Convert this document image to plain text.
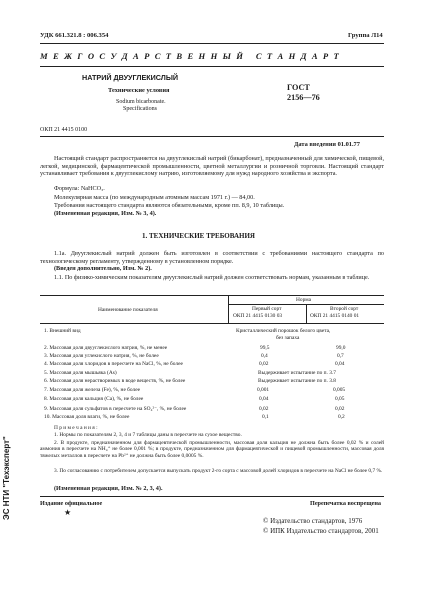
УДК 661.321.8 : 006.354	Группа Л14
М Е Ж Г О С У Д А Р С Т В Е Н Н Ы Й   С Т А Н Д А Р Т
НАТРИЙ ДВУУГЛЕКИСЛЫЙ
Технические условия
Sodium bicarbonate.
Specifications
ГОСТ
2156—76
ОКП 21 4415 0100
Дата введения 01.01.77
Настоящий стандарт распространяется на двууглекислый натрий (бикарбонат), предназначенный для химической, пищевой, легкой, медицинской, фармацевтической промышленности, цветной металлургии и розничной торговли. Настоящий стандарт устанавливает требования к двууглекислому натрию, изготовляемому для нужд народного хозяйства и экспорта.
Формула: NaHCO₃.
Молекулярная масса (по международным атомным массам 1971 г.) — 84,00.
Требования настоящего стандарта являются обязательными, кроме пп. 8,9, 10 таблицы.
(Измененная редакция, Изм. № 3, 4).
1. ТЕХНИЧЕСКИЕ ТРЕБОВАНИЯ
1.1а. Двууглекислый натрий должен быть изготовлен в соответствии с требованиями настоящего стандарта по технологическому регламенту, утвержденному в установленном порядке.
(Введен дополнительно, Изм. № 2).
1.1. По физико-химическим показателям двууглекислый натрий должен соответствовать нормам, указанным в таблице.
Наименование показателя
Норма
Первый сорт
ОКП 21 4415 0130 03
Второй сорт
ОКП 21 4415 0140 01
1. Внешний вид	Кристаллический порошок белого цвета,
без запаха
2. Массовая доля двууглекислого натрия, %, не менее	99,5	99,0
3. Массовая доля углекислого натрия, %, не более	0,4	0,7
4. Массовая доля хлоридов в пересчете на NaCl, %, не более	0,02	0,04
5. Массовая доля мышьяка (As)	Выдерживает испытание по п. 3.7
6. Массовая доля нерастворимых в воде веществ, %, не более	Выдерживает испытание по п. 3.8
7. Массовая доля железа (Fe), %, не более	0,001	0,005
8. Массовая доля кальция (Ca), %, не более	0,04	0,05
9. Массовая доля сульфатов в пересчете на SO₄²⁻, %, не более	0,02	0,02
10. Массовая доля влаги, %, не более	0,1	0,2
П р и м е ч а н и я :
1. Нормы по показателям 2, 3, 4 и 7 таблицы даны в пересчете на сухое вещество.
2. В продукте, предназначенном для фармацевтической промышленности, массовая доля кальция не должна быть более 0,02 % и солей аммония в пересчете на NH₄⁺ не более 0,001 %; в продукте, предназначенном для фармацевтической и пищевой промышленности, массовая доля тяжелых металлов в пересчете на Pb²⁺ не должна быть более 0,0005 %.
3. По согласованию с потребителем допускается выпускать продукт 2-го сорта с массовой долей хлоридов в пересчете на NaCl не более 0,7 %.
(Измененная редакция, Изм. № 2, 3, 4).
Издание официальное	Перепечатка воспрещена
★
© Издательство стандартов, 1976
© ИПК Издательство стандартов, 2001
ЭС НТИ "Техэксперт"
